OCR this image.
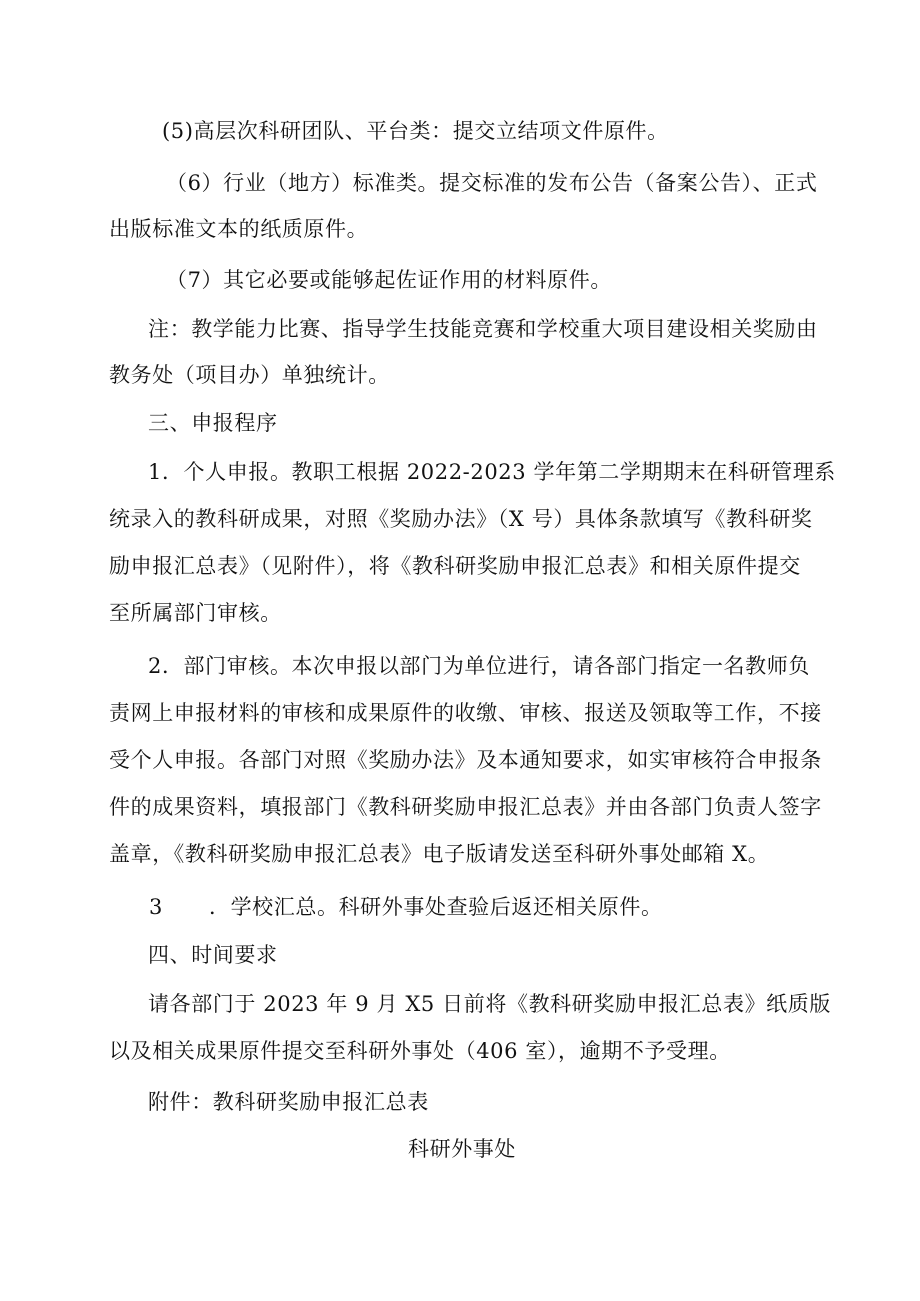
(5)高层次科研团队、平台类：提交立结项文件原件。
（6）行业（地方）标准类。提交标准的发布公告（备案公告）、正式
出版标准文本的纸质原件。
（7）其它必要或能够起佐证作用的材料原件。
注：教学能力比赛、指导学生技能竞赛和学校重大项目建设相关奖励由
教务处（项目办）单独统计。
三、申报程序
1．个人申报。教职工根据 2022-2023 学年第二学期期末在科研管理系
统录入的教科研成果，对照《奖励办法》（X 号）具体条款填写《教科研奖
励申报汇总表》（见附件），将《教科研奖励申报汇总表》和相关原件提交
至所属部门审核。
2．部门审核。本次申报以部门为单位进行，请各部门指定一名教师负
责网上申报材料的审核和成果原件的收缴、审核、报送及领取等工作，不接
受个人申报。各部门对照《奖励办法》及本通知要求，如实审核符合申报条
件的成果资料，填报部门《教科研奖励申报汇总表》并由各部门负责人签字
盖章，《教科研奖励申报汇总表》电子版请发送至科研外事处邮箱 X。
3 ．学校汇总。科研外事处查验后返还相关原件。
四、时间要求
请各部门于 2023 年 9 月 X5 日前将《教科研奖励申报汇总表》纸质版
以及相关成果原件提交至科研外事处（406 室），逾期不予受理。
附件：教科研奖励申报汇总表
科研外事处
